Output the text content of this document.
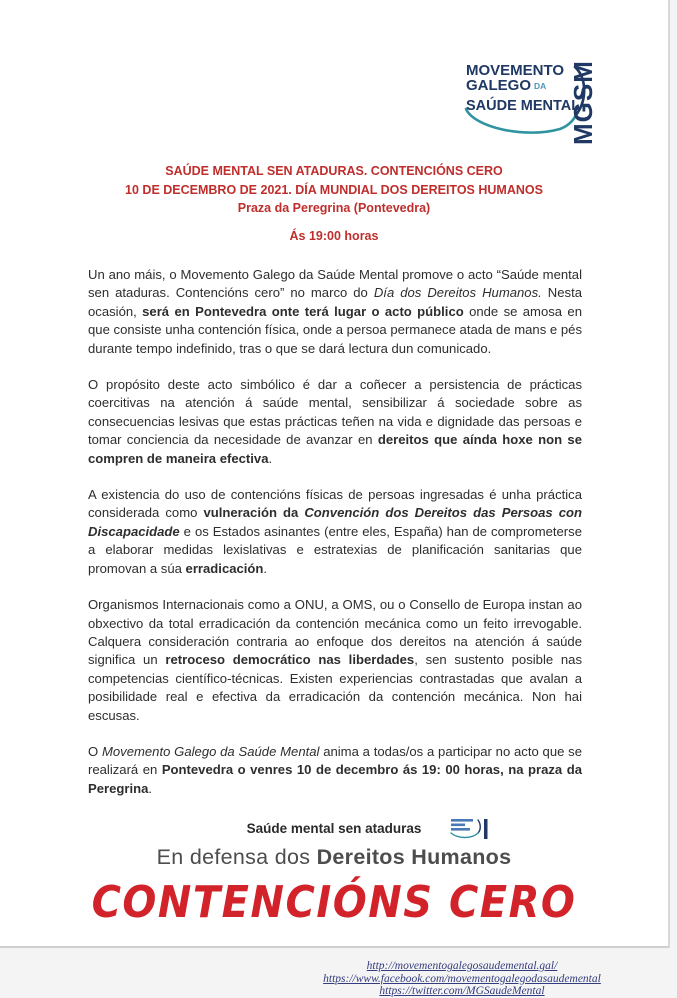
MOVEMENTO
GALEGO DA
SAÚDE MENTAL
MGSM
SAÚDE MENTAL SEN ATADURAS. CONTENCIÓNS CERO
10 DE DECEMBRO DE 2021. DÍA MUNDIAL DOS DEREITOS HUMANOS
Praza da Peregrina (Pontevedra)
Ás 19:00 horas

Un ano máis, o Movemento Galego da Saúde Mental promove o acto “Saúde mental sen ataduras. Contencións cero” no marco do Día dos Dereitos Humanos. Nesta ocasión, será en Pontevedra onte terá lugar o acto público onde se amosa en que consiste unha contención física, onde a persoa permanece atada de mans e pés durante tempo indefinido, tras o que se dará lectura dun comunicado.

O propósito deste acto simbólico é dar a coñecer a persistencia de prácticas coercitivas na atención á saúde mental, sensibilizar á sociedade sobre as consecuencias lesivas que estas prácticas teñen na vida e dignidade das persoas e tomar conciencia da necesidade de avanzar en dereitos que aínda hoxe non se compren de maneira efectiva.

A existencia do uso de contencións físicas de persoas ingresadas é unha práctica considerada como vulneración da Convención dos Dereitos das Persoas con Discapacidade e os Estados asinantes (entre eles, España) han de comprometerse a elaborar medidas lexislativas e estratexias de planificación sanitarias que promovan a súa erradicación.

Organismos Internacionais como a ONU, a OMS, ou o Consello de Europa instan ao obxectivo da total erradicación da contención mecánica como un feito irrevogable. Calquera consideración contraria ao enfoque dos dereitos na atención á saúde significa un retroceso democrático nas liberdades, sen sustento posible nas competencias científico-técnicas. Existen experiencias contrastadas que avalan a posibilidade real e efectiva da erradicación da contención mecánica. Non hai escusas.

O Movemento Galego da Saúde Mental anima a todas/os a participar no acto que se realizará en Pontevedra o venres 10 de decembro ás 19: 00 horas, na praza da Peregrina.

Saúde mental sen ataduras
En defensa dos Dereitos Humanos
CONTENCIÓNS CERO
http://movementogalegosaudemental.gal/
https://www.facebook.com/movementogalegodasaudemental
https://twitter.com/MGSaudeMental
